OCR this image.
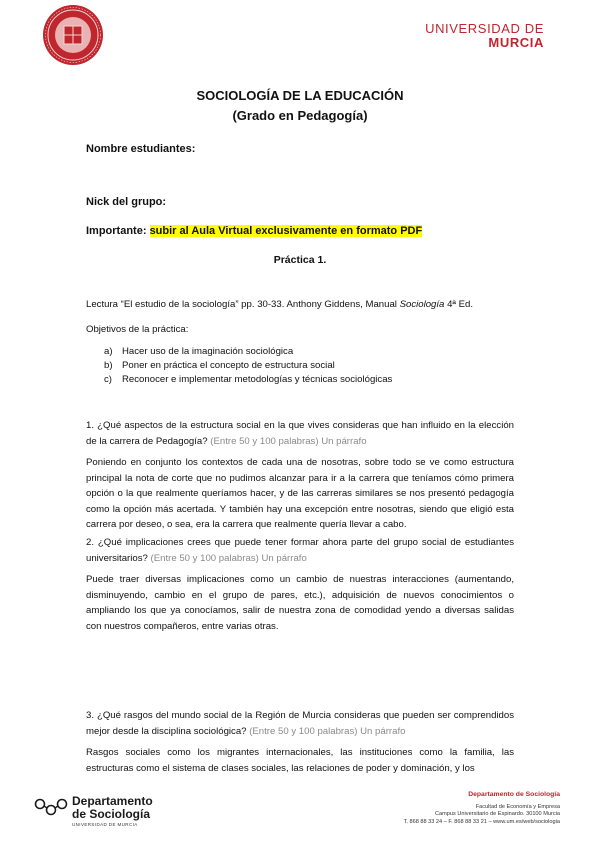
UNIVERSIDAD DE
MURCIA
SOCIOLOGÍA DE LA EDUCACIÓN
(Grado en Pedagogía)
Nombre estudiantes:
Nick del grupo:
Importante: subir al Aula Virtual exclusivamente en formato PDF
Práctica 1.
Lectura “El estudio de la sociología” pp. 30-33. Anthony Giddens, Manual Sociología 4ª Ed.
Objetivos de la práctica:
a) Hacer uso de la imaginación sociológica
b) Poner en práctica el concepto de estructura social
c)	Reconocer e implementar metodologías y técnicas sociológicas
1. ¿Qué aspectos de la estructura social en la que vives consideras que han influido en la elección de la carrera de Pedagogía? (Entre 50 y 100 palabras) Un párrafo
Poniendo en conjunto los contextos de cada una de nosotras, sobre todo se ve como estructura principal la nota de corte que no pudimos alcanzar para ir a la carrera que teníamos cómo primera opción o la que realmente queríamos hacer, y de las carreras similares se nos presentó pedagogía como la opción más acertada. Y también hay una excepción entre nosotras, siendo que eligió esta carrera por deseo, o sea, era la carrera que realmente quería llevar a cabo.
2. ¿Qué implicaciones crees que puede tener formar ahora parte del grupo social de estudiantes universitarios? (Entre 50 y 100 palabras) Un párrafo
Puede traer diversas implicaciones como un cambio de nuestras interacciones (aumentando, disminuyendo, cambio en el grupo de pares, etc.), adquisición de nuevos conocimientos o ampliando los que ya conocíamos, salir de nuestra zona de comodidad yendo a diversas salidas con nuestros compañeros, entre varias otras.
3. ¿Qué rasgos del mundo social de la Región de Murcia consideras que pueden ser comprendidos mejor desde la disciplina sociológica? (Entre 50 y 100 palabras) Un párrafo
Rasgos sociales como los migrantes internacionales, las instituciones como la familia, las estructuras como el sistema de clases sociales, las relaciones de poder y dominación, y los
Departamento
de Sociología
UNIVERSIDAD DE MURCIA
Departamento de Sociología
Facultad de Economía y Empresa
Campus Universitario de Espinardo. 30100 Murcia
T. 868 88 33 24 – F. 868 88 33 21 – www.um.es/web/sociologia
